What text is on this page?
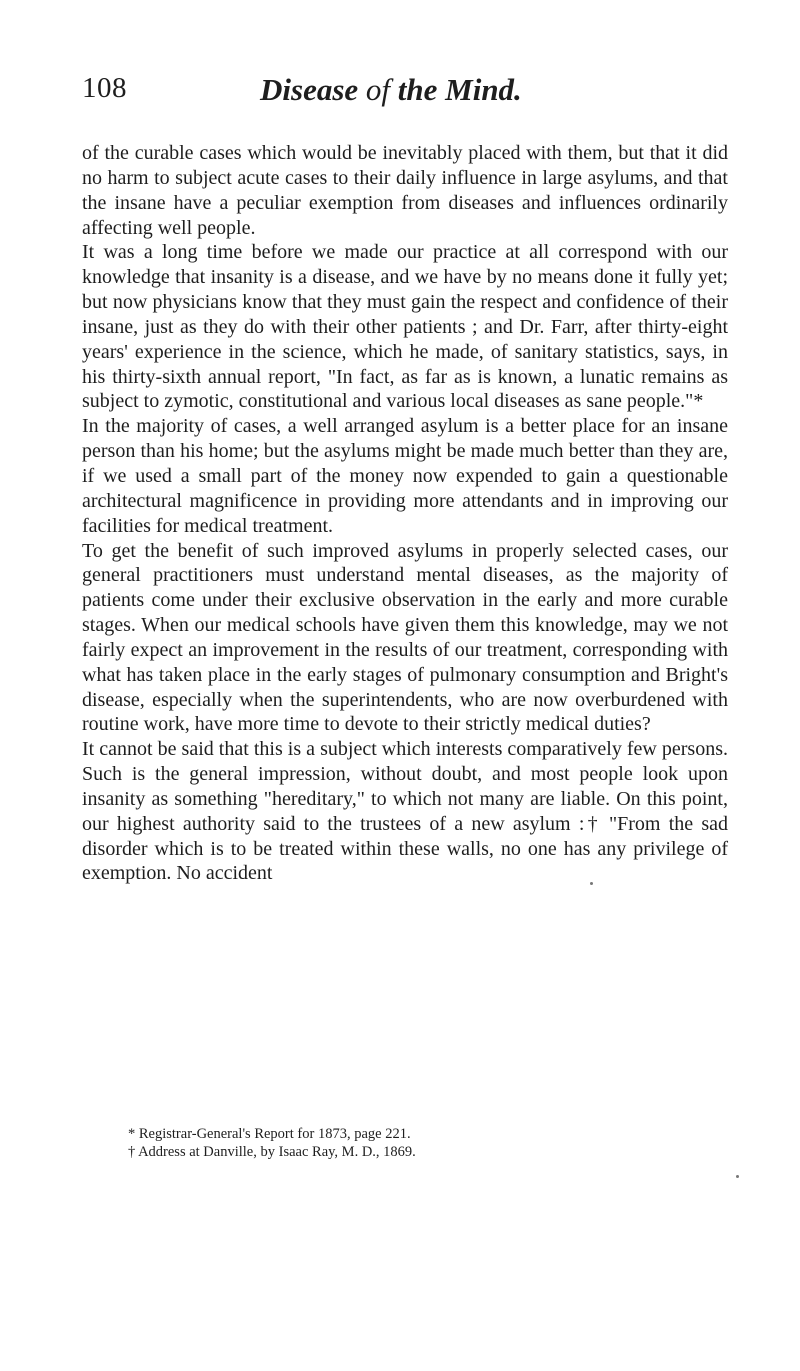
108	Disease of the Mind.

of the curable cases which would be inevitably placed with them, but that it did no harm to subject acute cases to their daily influence in large asylums, and that the insane have a peculiar exemption from diseases and influences ordinarily affecting well people.

It was a long time before we made our practice at all correspond with our knowledge that insanity is a disease, and we have by no means done it fully yet; but now physicians know that they must gain the respect and confidence of their insane, just as they do with their other patients ; and Dr. Farr, after thirty-eight years' experience in the science, which he made, of sanitary statistics, says, in his thirty-sixth annual report, "In fact, as far as is known, a lunatic remains as subject to zymotic, constitutional and various local diseases as sane people."*

In the majority of cases, a well arranged asylum is a better place for an insane person than his home; but the asylums might be made much better than they are, if we used a small part of the money now expended to gain a questionable architectural magnificence in providing more attendants and in improving our facilities for medical treatment.

To get the benefit of such improved asylums in properly selected cases, our general practitioners must understand mental diseases, as the majority of patients come under their exclusive observation in the early and more curable stages. When our medical schools have given them this knowledge, may we not fairly expect an improvement in the results of our treatment, corresponding with what has taken place in the early stages of pulmonary consumption and Bright's disease, especially when the superintendents, who are now overburdened with routine work, have more time to devote to their strictly medical duties?

It cannot be said that this is a subject which interests comparatively few persons. Such is the general impression, without doubt, and most people look upon insanity as something "hereditary," to which not many are liable. On this point, our highest authority said to the trustees of a new asylum :† "From the sad disorder which is to be treated within these walls, no one has any privilege of exemption. No accident

* Registrar-General's Report for 1873, page 221.

† Address at Danville, by Isaac Ray, M. D., 1869.
